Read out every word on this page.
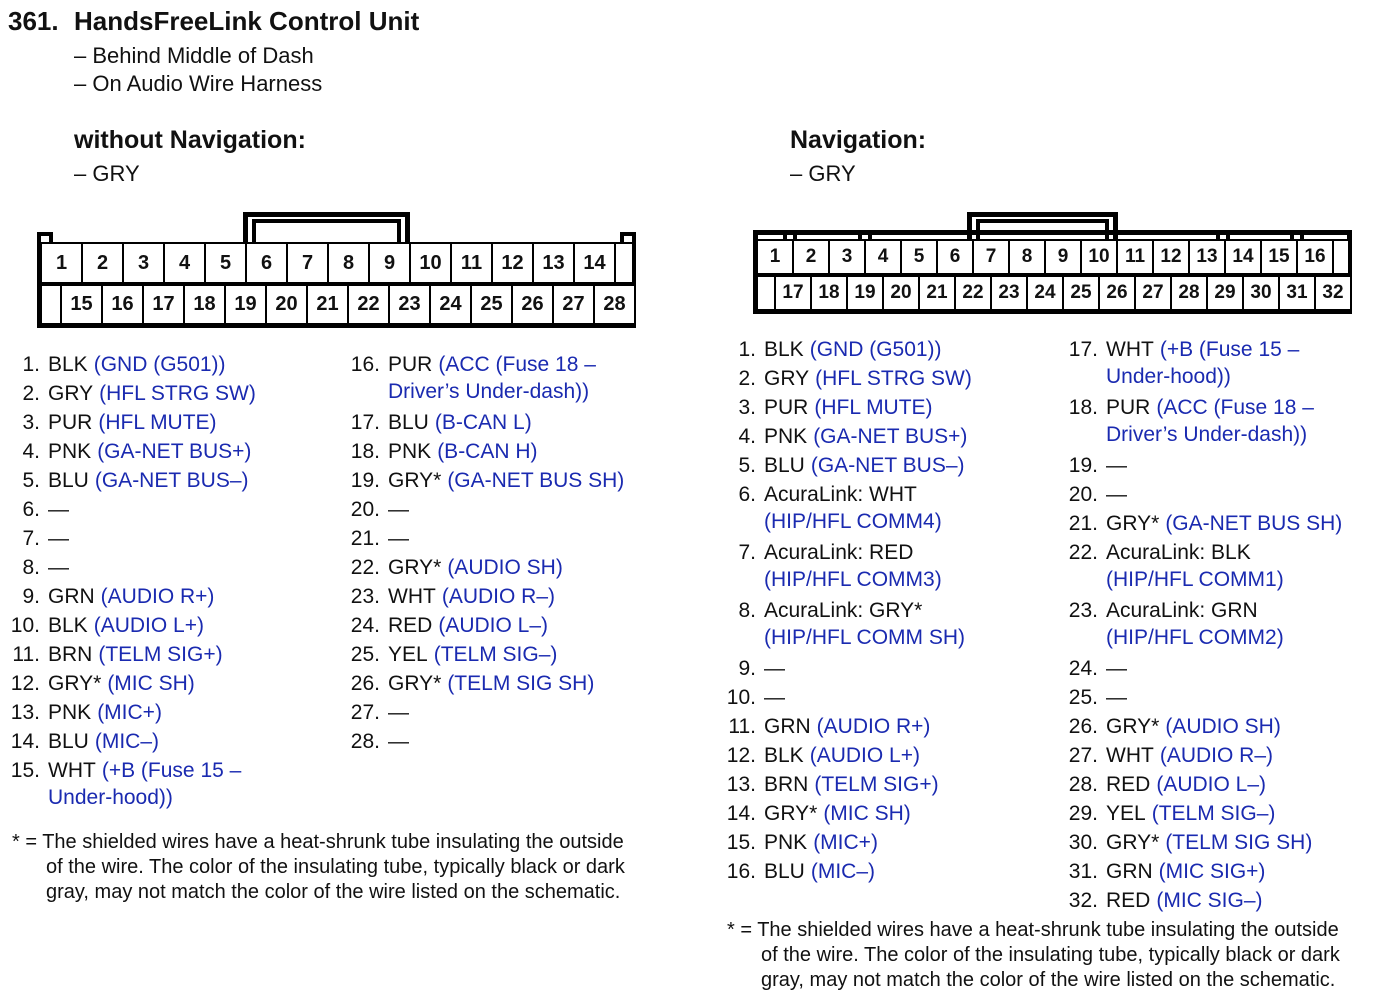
361. HandsFreeLink Control Unit
– Behind Middle of Dash
– On Audio Wire Harness
without Navigation:
– GRY
Navigation:
– GRY
1	2	3	4	5	6	7	8	9	10 11 12 13 14
15 16 17 18 19 20 21 22 23 24 25 26 27 28
1	2	3	4	5	6	7	8	9	10 11 12 13 14 15 16
17 18 19 20 21 22 23 24 25 26 27 28 29 30 31 32
1. BLK (GND (G501))
2. GRY (HFL STRG SW)
3. PUR (HFL MUTE)
4. PNK (GA-NET BUS+)
5. BLU (GA-NET BUS–)
6. —
7. —
8. —
9. GRN (AUDIO R+)
10. BLK (AUDIO L+)
11. BRN (TELM SIG+)
12. GRY* (MIC SH)
13. PNK (MIC+)
14. BLU (MIC–)
15. WHT (+B (Fuse 15 –
Under-hood))
16. PUR (ACC (Fuse 18 –
Driver’s Under-dash))
17. BLU (B-CAN L)
18. PNK (B-CAN H)
19. GRY* (GA-NET BUS SH)
20. —
21. —
22. GRY* (AUDIO SH)
23. WHT (AUDIO R–)
24. RED (AUDIO L–)
25. YEL (TELM SIG–)
26. GRY* (TELM SIG SH)
27. —
28. —
1. BLK (GND (G501))
2. GRY (HFL STRG SW)
3. PUR (HFL MUTE)
4. PNK (GA-NET BUS+)
5. BLU (GA-NET BUS–)
6. AcuraLink: WHT
(HIP/HFL COMM4)
7. AcuraLink: RED
(HIP/HFL COMM3)
8. AcuraLink: GRY*
(HIP/HFL COMM SH)
9. —
10. —
11. GRN (AUDIO R+)
12. BLK (AUDIO L+)
13. BRN (TELM SIG+)
14. GRY* (MIC SH)
15. PNK (MIC+)
16. BLU (MIC–)
17. WHT (+B (Fuse 15 –
Under-hood))
18. PUR (ACC (Fuse 18 –
Driver’s Under-dash))
19. —
20. —
21. GRY* (GA-NET BUS SH)
22. AcuraLink: BLK
(HIP/HFL COMM1)
23. AcuraLink: GRN
(HIP/HFL COMM2)
24. —
25. —
26. GRY* (AUDIO SH)
27. WHT (AUDIO R–)
28. RED (AUDIO L–)
29. YEL (TELM SIG–)
30. GRY* (TELM SIG SH)
31. GRN (MIC SIG+)
32. RED (MIC SIG–)
* = The shielded wires have a heat-shrunk tube insulating the outside
of the wire. The color of the insulating tube, typically black or dark
gray, may not match the color of the wire listed on the schematic.
* = The shielded wires have a heat-shrunk tube insulating the outside
of the wire. The color of the insulating tube, typically black or dark
gray, may not match the color of the wire listed on the schematic.
